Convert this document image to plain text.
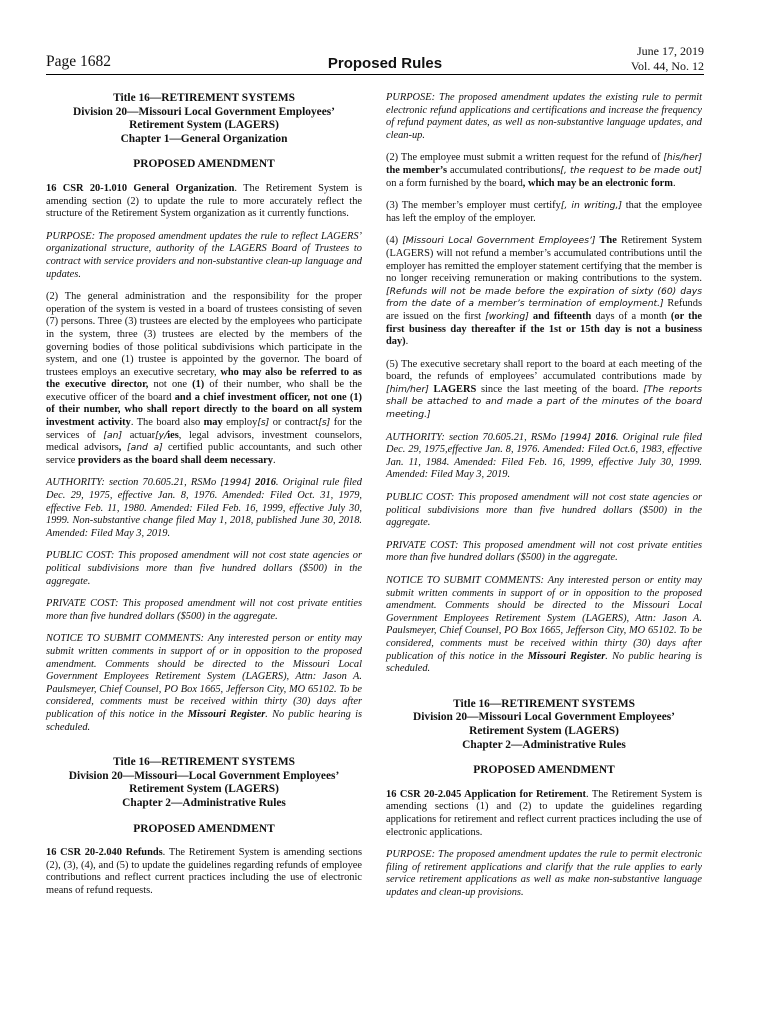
Page 1682	Proposed Rules
June 17, 2019
Vol. 44, No. 12
Title 16—RETIREMENT SYSTEMS
Division 20—Missouri Local Government Employees’
Retirement System (LAGERS)
Chapter 1—General Organization
PROPOSED AMENDMENT

16 CSR 20-1.010 General Organization. The Retirement System is amending section (2) to update the rule to more accurately reflect the structure of the Retirement System organization as it currently functions.

PURPOSE: The proposed amendment updates the rule to reflect LAGERS’ organizational structure, authority of the LAGERS Board of Trustees to contract with service providers and non-substantive clean-up language and updates.

(2) The general administration and the responsibility for the proper operation of the system is vested in a board of trustees consisting of seven (7) persons. Three (3) trustees are elected by the employees who participate in the system, three (3) trustees are elected by the members of the governing bodies of those political subdivisions which participate in the system, and one (1) trustee is appointed by the governor. The board of trustees employs an executive secretary, who may also be referred to as the executive director, not one (1) of their number, who shall be the executive officer of the board and a chief investment officer, not one (1) of their number, who shall report directly to the board on all system investment activity. The board also may employ[s] or contract[s] for the services of [an] actuar[y/ies, legal advisors, investment counselors, medical advisors, [and a] certified public accountants, and such other service providers as the board shall deem necessary.

AUTHORITY: section 70.605.21, RSMo [1994] 2016. Original rule filed Dec. 29, 1975, effective Jan. 8, 1976. Amended: Filed Oct. 31, 1979, effective Feb. 11, 1980. Amended: Filed Feb. 16, 1999, effective July 30, 1999. Non-substantive change filed May 1, 2018, published June 30, 2018. Amended: Filed May 3, 2019.

PUBLIC COST: This proposed amendment will not cost state agencies or political subdivisions more than five hundred dollars ($500) in the aggregate.

PRIVATE COST: This proposed amendment will not cost private entities more than five hundred dollars ($500) in the aggregate.

NOTICE TO SUBMIT COMMENTS: Any interested person or entity may submit written comments in support of or in opposition to the proposed amendment. Comments should be directed to the Missouri Local Government Employees Retirement System (LAGERS), Attn: Jason A. Paulsmeyer, Chief Counsel, PO Box 1665, Jefferson City, MO 65102. To be considered, comments must be received within thirty (30) days after publication of this notice in the Missouri Register. No public hearing is scheduled.

Title 16—RETIREMENT SYSTEMS
Division 20—Missouri—Local Government Employees’
Retirement System (LAGERS)
Chapter 2—Administrative Rules
PROPOSED AMENDMENT

16 CSR 20-2.040 Refunds. The Retirement System is amending sections (2), (3), (4), and (5) to update the guidelines regarding refunds of employee contributions and reflect current practices including the use of electronic means of refund requests.

PURPOSE: The proposed amendment updates the existing rule to permit electronic refund applications and certifications and increase the frequency of refund payment dates, as well as non-substantive language updates, and clean-up.

(2) The employee must submit a written request for the refund of [his/her] the member’s accumulated contributions[, the request to be made out] on a form furnished by the board, which may be an electronic form.

(3) The member’s employer must certify[, in writing,] that the employee has left the employ of the employer.

(4) [Missouri Local Government Employees’] The Retirement System (LAGERS) will not refund a member’s accumulated contributions until the employer has remitted the employer statement certifying that the member is no longer receiving remuneration or making contributions to the system. [Refunds will not be made before the expiration of sixty (60) days from the date of a member’s termination of employment.] Refunds are issued on the first [working] and fifteenth days of a month (or the first business day thereafter if the 1st or 15th day is not a business day).

(5) The executive secretary shall report to the board at each meeting of the board, the refunds of employees’ accumulated contributions made by [him/her] LAGERS since the last meeting of the board. [The reports shall be attached to and made a part of the minutes of the board meeting.]

AUTHORITY: section 70.605.21, RSMo [1994] 2016. Original rule filed Dec. 29, 1975,effective Jan. 8, 1976. Amended: Filed Oct.6, 1983, effective Jan. 11, 1984. Amended: Filed Feb. 16, 1999, effective July 30, 1999. Amended: Filed May 3, 2019.

PUBLIC COST: This proposed amendment will not cost state agencies or political subdivisions more than five hundred dollars ($500) in the aggregate.

PRIVATE COST: This proposed amendment will not cost private entities more than five hundred dollars ($500) in the aggregate.

NOTICE TO SUBMIT COMMENTS: Any interested person or entity may submit written comments in support of or in opposition to the proposed amendment. Comments should be directed to the Missouri Local Government Employees Retirement System (LAGERS), Attn: Jason A. Paulsmeyer, Chief Counsel, PO Box 1665, Jefferson City, MO 65102. To be considered, comments must be received within thirty (30) days after publication of this notice in the Missouri Register. No public hearing is scheduled.

Title 16—RETIREMENT SYSTEMS
Division 20—Missouri Local Government Employees’
Retirement System (LAGERS)
Chapter 2—Administrative Rules
PROPOSED AMENDMENT

16 CSR 20-2.045 Application for Retirement. The Retirement System is amending sections (1) and (2) to update the guidelines regarding applications for retirement and reflect current practices including the use of electronic applications.

PURPOSE: The proposed amendment updates the rule to permit electronic filing of retirement applications and clarify that the rule applies to early service retirement applications as well as make non-substantive language updates and clean-up provisions.
